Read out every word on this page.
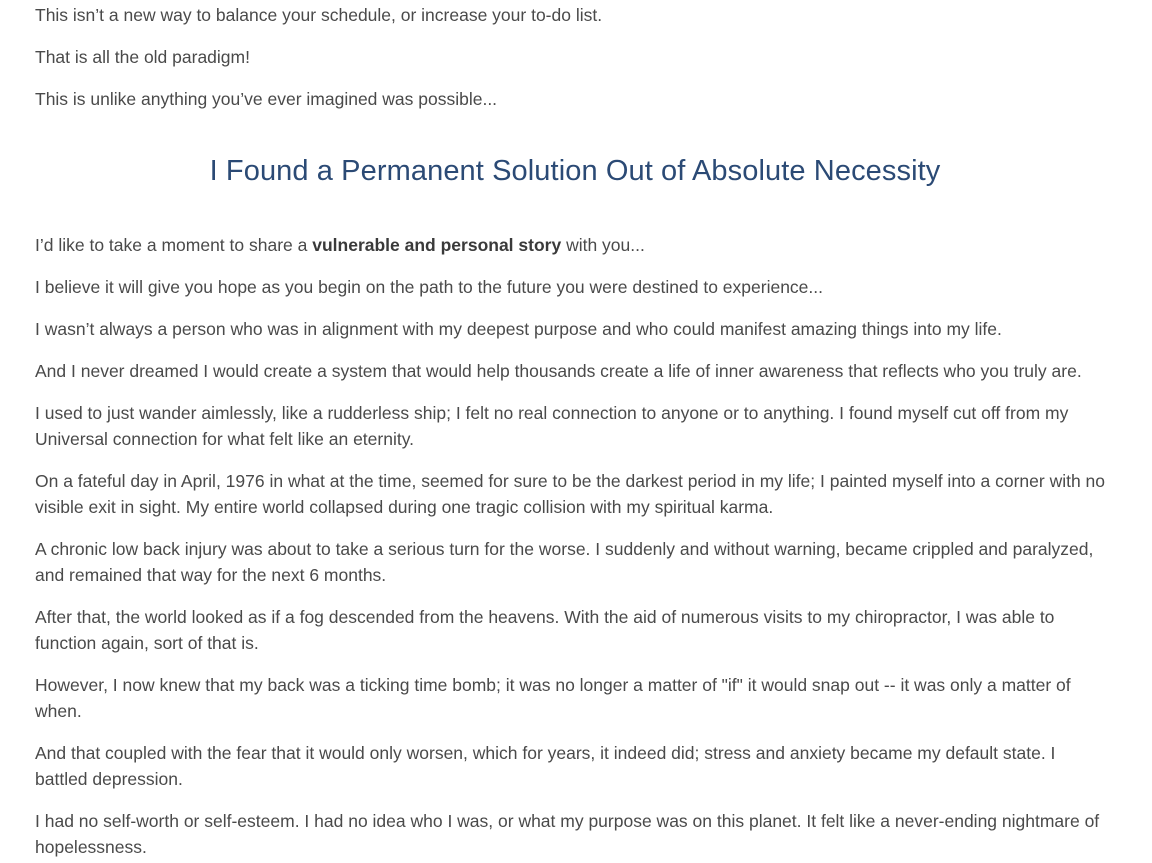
This isn’t a new way to balance your schedule, or increase your to-do list.

That is all the old paradigm!

This is unlike anything you’ve ever imagined was possible...

I Found a Permanent Solution Out of Absolute Necessity

I’d like to take a moment to share a vulnerable and personal story with you...

I believe it will give you hope as you begin on the path to the future you were destined to experience...

I wasn’t always a person who was in alignment with my deepest purpose and who could manifest amazing things into my life.

And I never dreamed I would create a system that would help thousands create a life of inner awareness that reflects who you truly are.

I used to just wander aimlessly, like a rudderless ship; I felt no real connection to anyone or to anything. I found myself cut off from my Universal connection for what felt like an eternity.

On a fateful day in April, 1976 in what at the time, seemed for sure to be the darkest period in my life; I painted myself into a corner with no visible exit in sight. My entire world collapsed during one tragic collision with my spiritual karma.

A chronic low back injury was about to take a serious turn for the worse. I suddenly and without warning, became crippled and paralyzed, and remained that way for the next 6 months.

After that, the world looked as if a fog descended from the heavens. With the aid of numerous visits to my chiropractor, I was able to function again, sort of that is.

However, I now knew that my back was a ticking time bomb; it was no longer a matter of "if" it would snap out -- it was only a matter of when.

And that coupled with the fear that it would only worsen, which for years, it indeed did; stress and anxiety became my default state. I battled depression.

I had no self-worth or self-esteem. I had no idea who I was, or what my purpose was on this planet. It felt like a never-ending nightmare of hopelessness.
